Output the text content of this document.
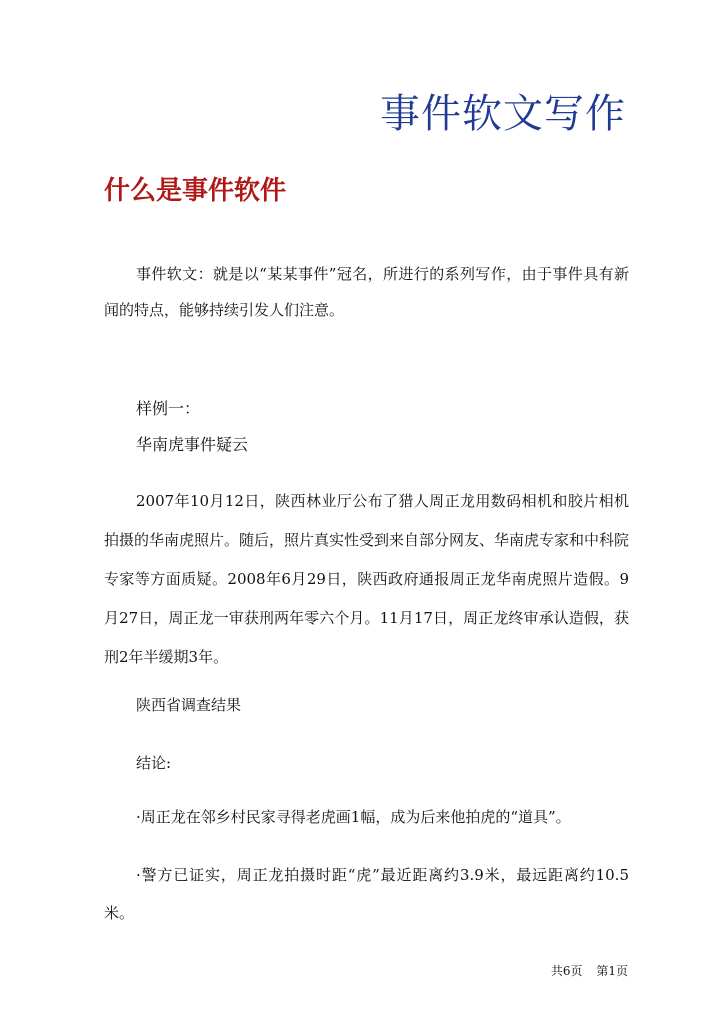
事件软文写作
什么是事件软件

事件软文：就是以“某某事件”冠名，所进行的系列写作，由于事件具有新闻的特点，能够持续引发人们注意。

样例一：
华南虎事件疑云

2007年10月12日，陕西林业厅公布了猎人周正龙用数码相机和胶片相机拍摄的华南虎照片。随后，照片真实性受到来自部分网友、华南虎专家和中科院专家等方面质疑。2008年6月29日，陕西政府通报周正龙华南虎照片造假。9月27日，周正龙一审获刑两年零六个月。11月17日，周正龙终审承认造假，获刑2年半缓期3年。

陕西省调查结果
结论:
·周正龙在邻乡村民家寻得老虎画1幅，成为后来他拍虎的“道具”。

·警方已证实，周正龙拍摄时距“虎”最近距离约3.9米，最远距离约10.5米。

共6页 第1页
